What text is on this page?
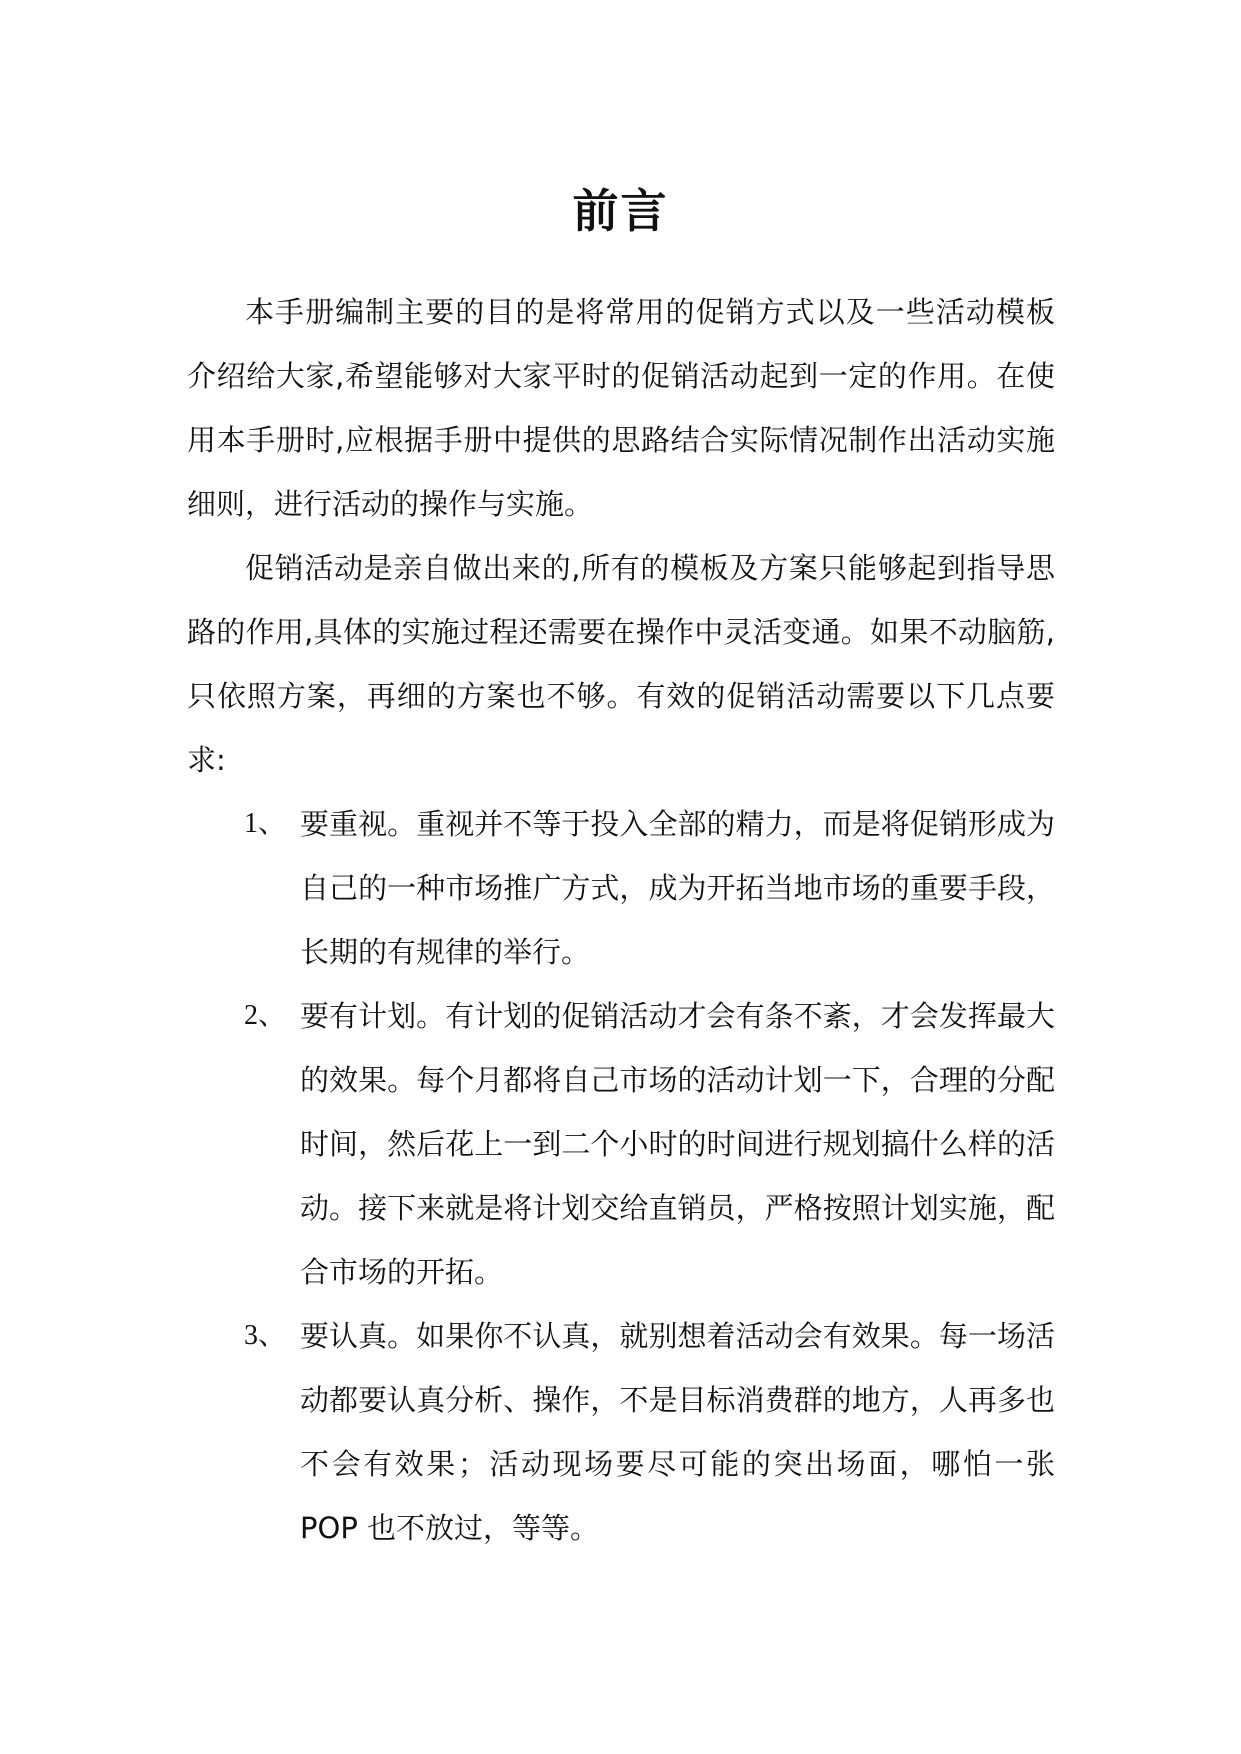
前言

本手册编制主要的目的是将常用的促销方式以及一些活动模板介绍给大家,希望能够对大家平时的促销活动起到一定的作用。在使用本手册时,应根据手册中提供的思路结合实际情况制作出活动实施细则，进行活动的操作与实施。

促销活动是亲自做出来的,所有的模板及方案只能够起到指导思路的作用,具体的实施过程还需要在操作中灵活变通。如果不动脑筋,只依照方案，再细的方案也不够。有效的促销活动需要以下几点要求:

1、 要重视。重视并不等于投入全部的精力，而是将促销形成为自己的一种市场推广方式，成为开拓当地市场的重要手段，长期的有规律的举行。
2、 要有计划。有计划的促销活动才会有条不紊，才会发挥最大的效果。每个月都将自己市场的活动计划一下，合理的分配时间，然后花上一到二个小时的时间进行规划搞什么样的活动。接下来就是将计划交给直销员，严格按照计划实施，配合市场的开拓。
3、 要认真。如果你不认真，就别想着活动会有效果。每一场活动都要认真分析、操作，不是目标消费群的地方，人再多也不会有效果；活动现场要尽可能的突出场面，哪怕一张 POP 也不放过，等等。
